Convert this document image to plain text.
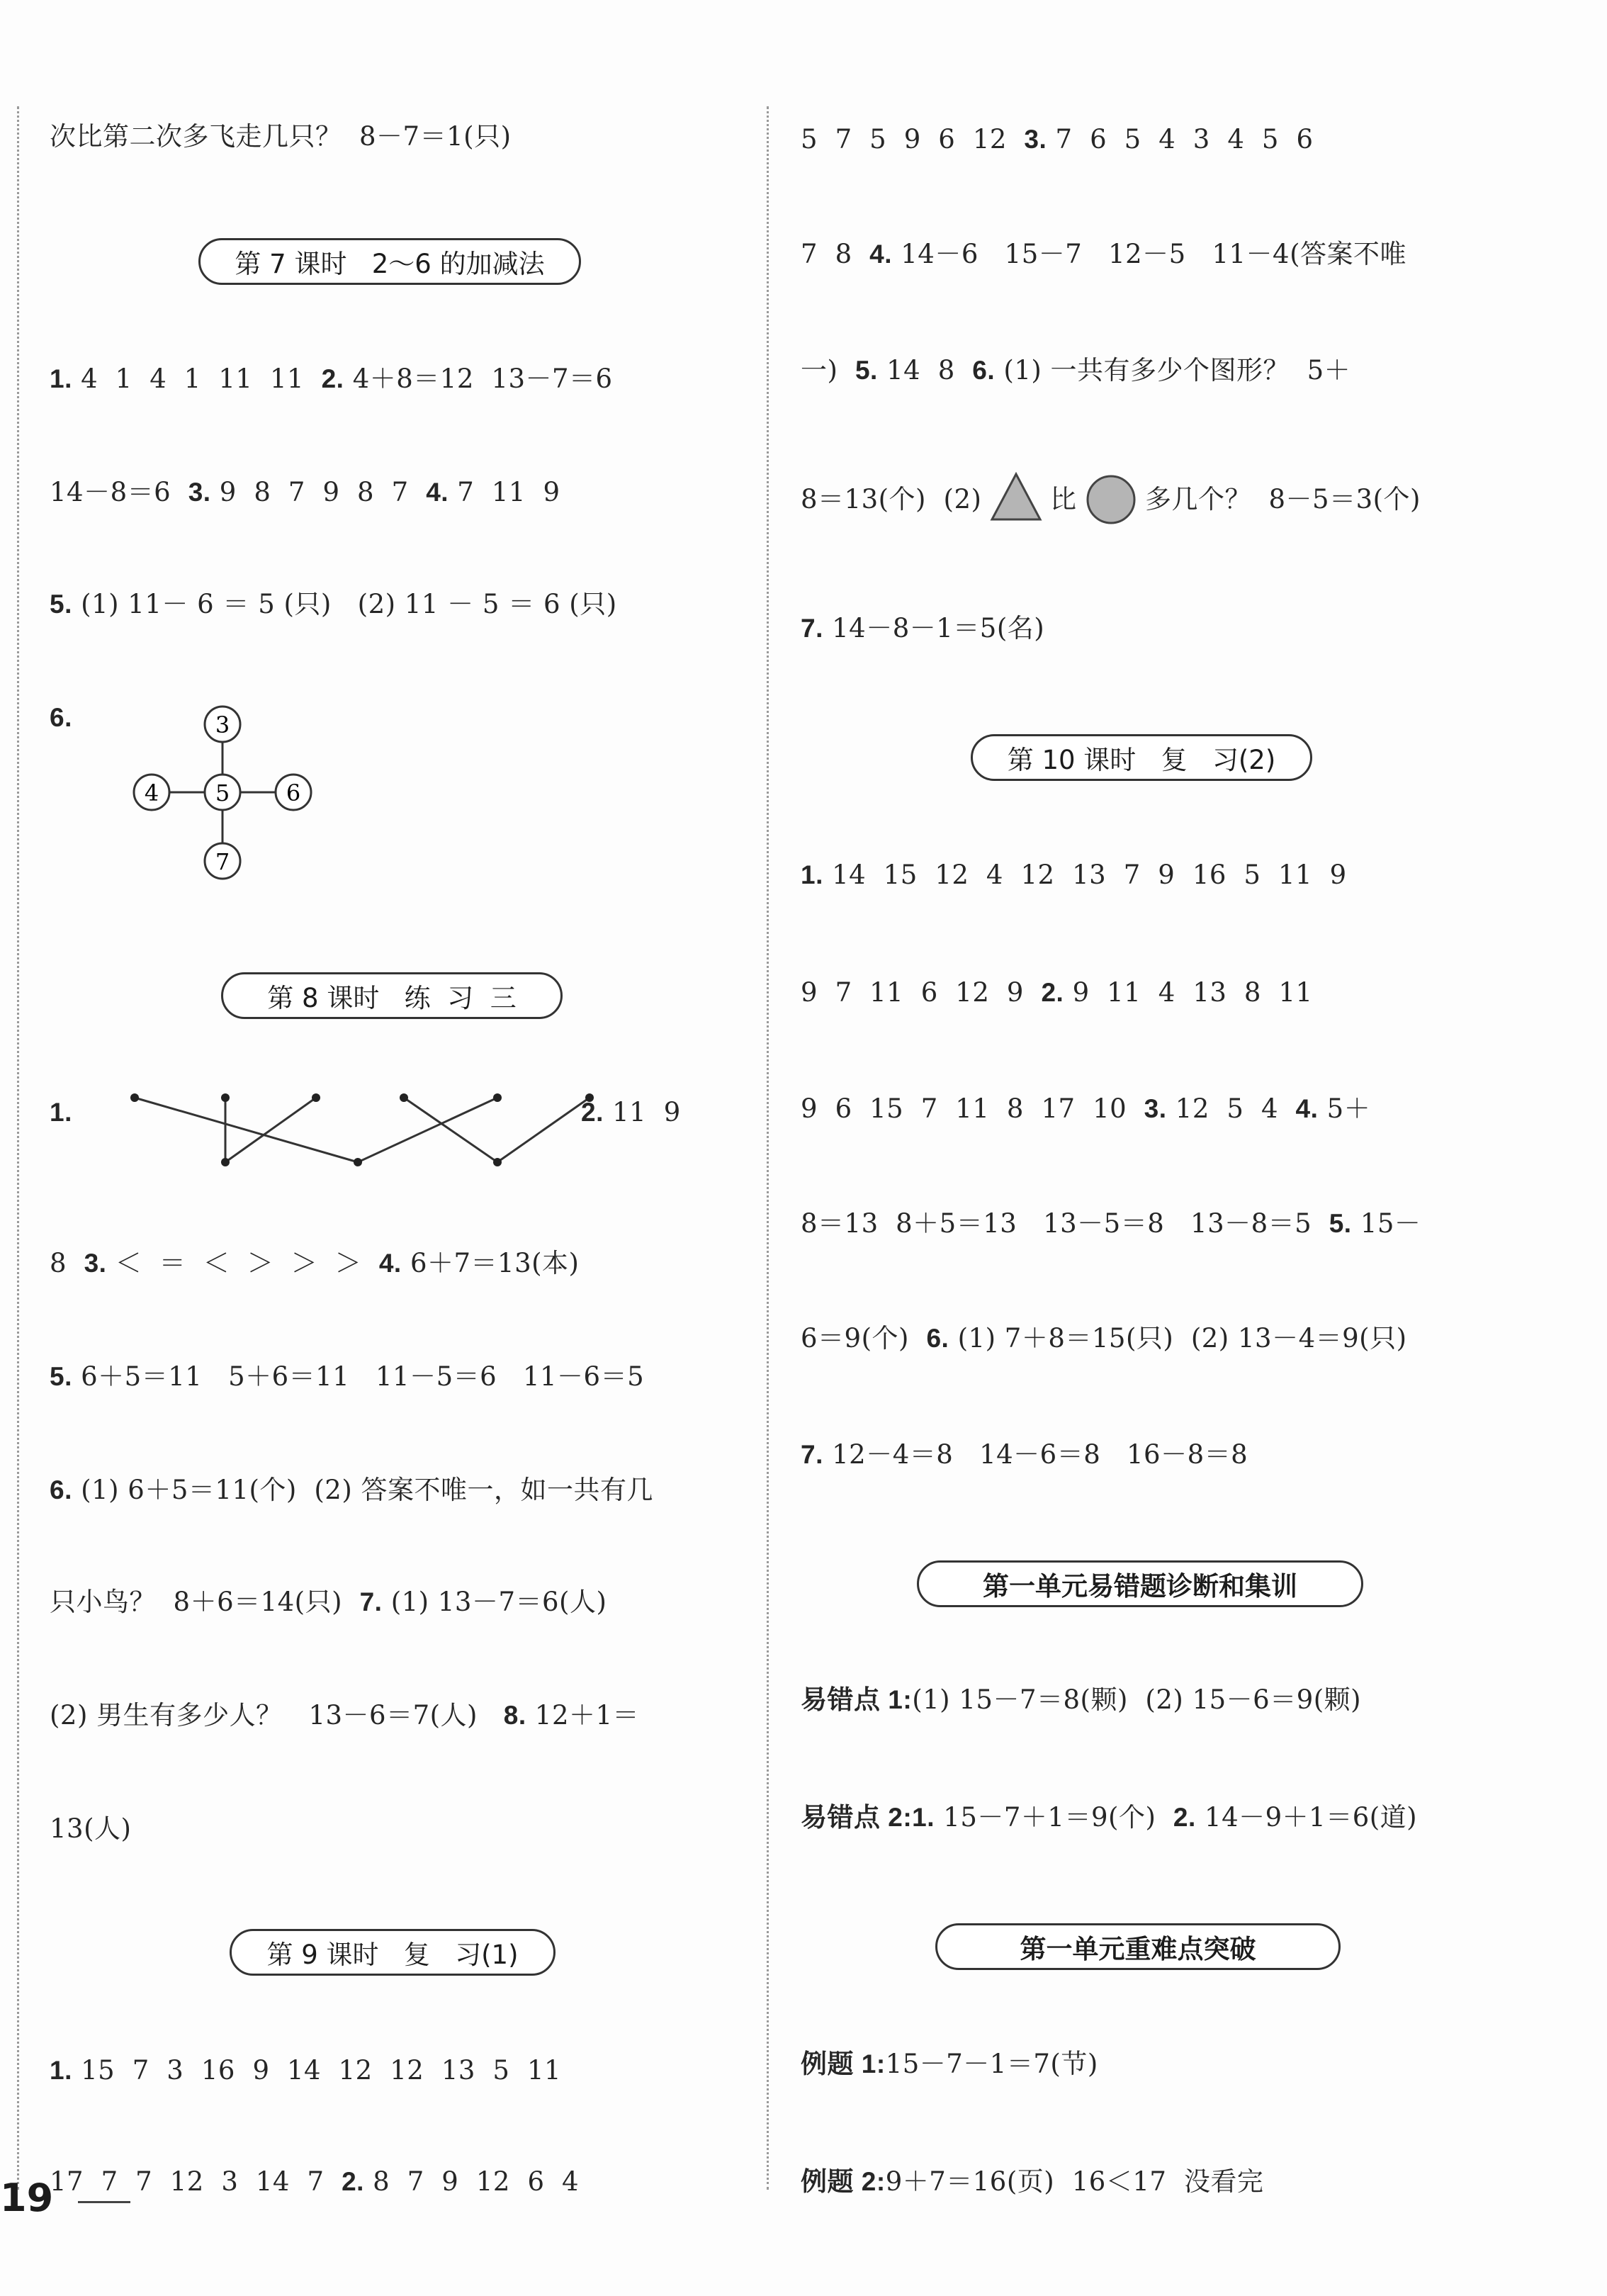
次比第二次多飞走几只？  8－7＝1(只)
第 7 课时   2～6 的加减法
1. 4  1  4  1  11  11  2. 4＋8＝12  13－7＝6
14－8＝6  3. 9  8  7  9  8  7  4. 7  11  9
5. (1) 11－ 6 ＝ 5 (只)   (2) 11 － 5 ＝ 6 (只)
6.	3
4 5 6
7
第 8 课时   练  习  三
1.	2. 11  9
8  3. ＜  ＝  ＜  ＞  ＞  ＞  4. 6＋7＝13(本)
5. 6＋5＝11   5＋6＝11   11－5＝6   11－6＝5
6. (1) 6＋5＝11(个)  (2) 答案不唯一，如一共有几
只小鸟？  8＋6＝14(只)  7. (1) 13－7＝6(人)
(2) 男生有多少人？   13－6＝7(人)   8. 12＋1＝
13(人)
第 9 课时   复   习(1)
1. 15  7  3  16  9  14  12  12  13  5  11
17  7  7  12  3  14  7  2. 8  7  9  12  6  4
5  7  5  9  6  12  3. 7  6  5  4  3  4  5  6
7  8  4. 14－6   15－7   12－5   11－4(答案不唯
一)  5. 14  8  6. (1) 一共有多少个图形？  5＋
8＝13(个)  (2)
比
多几个？  8－5＝3(个)
7. 14－8－1＝5(名)
第 10 课时   复   习(2)
1. 14  15  12  4  12  13  7  9  16  5  11  9
9  7  11  6  12  9  2. 9  11  4  13  8  11
9  6  15  7  11  8  17  10  3. 12  5  4  4. 5＋
8＝13  8＋5＝13   13－5＝8   13－8＝5  5. 15－
6＝9(个)  6. (1) 7＋8＝15(只)  (2) 13－4＝9(只)
7. 12－4＝8   14－6＝8   16－8＝8
第一单元易错题诊断和集训
易错点 1:(1) 15－7＝8(颗)  (2) 15－6＝9(颗)
易错点 2:1. 15－7＋1＝9(个)  2. 14－9＋1＝6(道)
第一单元重难点突破
例题 1:15－7－1＝7(节)
例题 2:9＋7＝16(页)  16＜17  没看完
19
